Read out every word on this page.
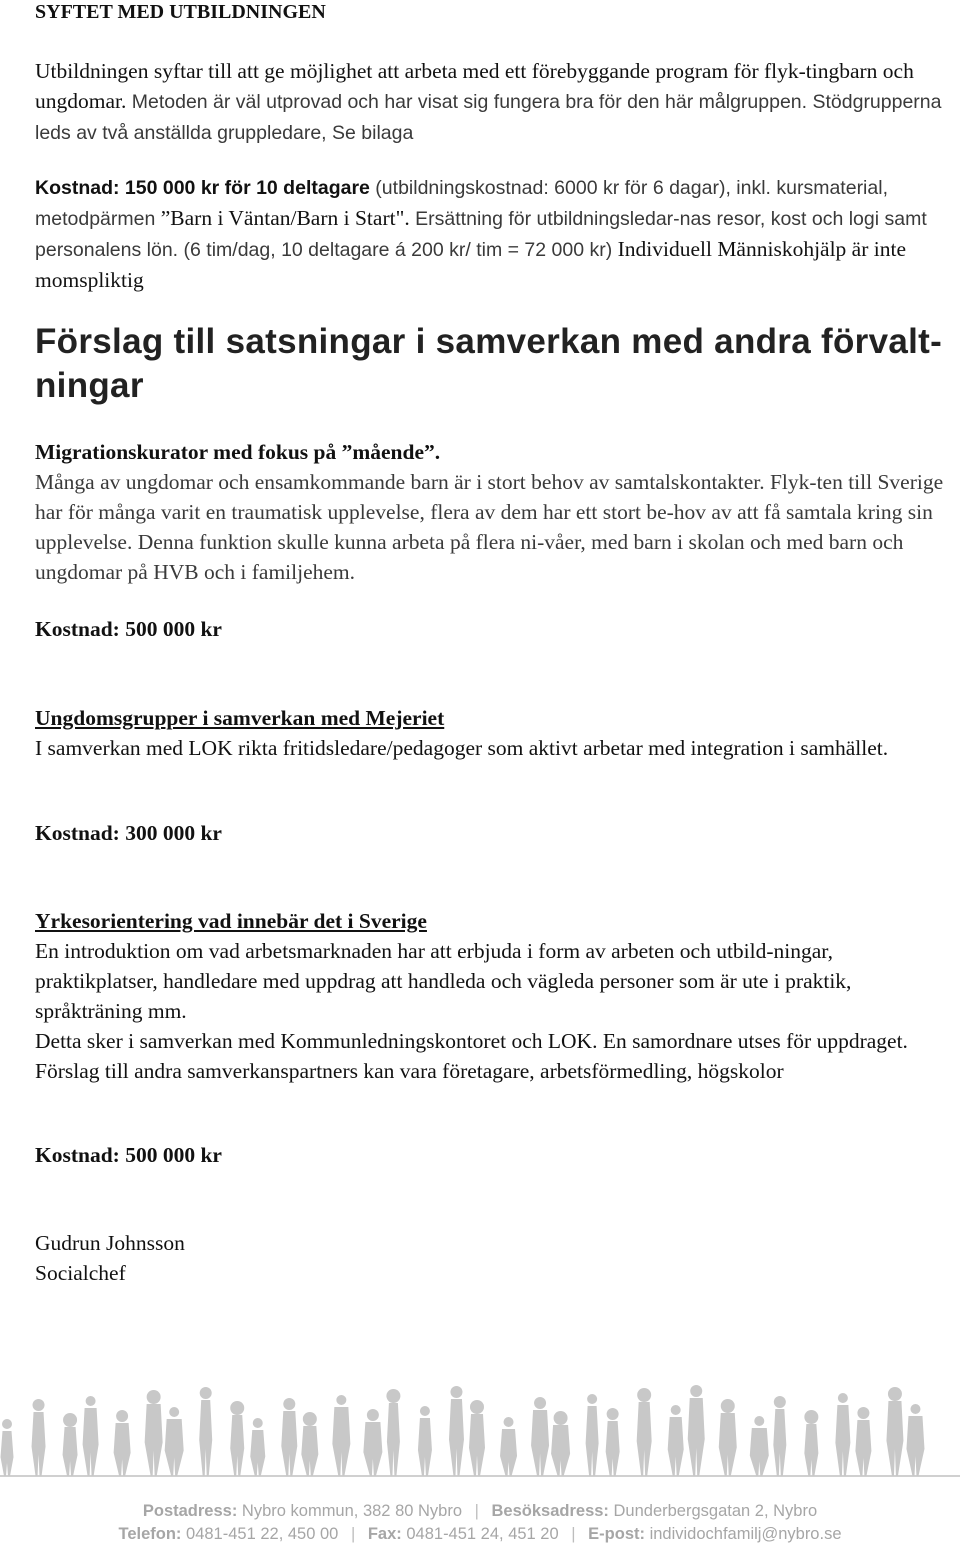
SYFTET MED UTBILDNINGEN
Utbildningen syftar till att ge möjlighet att arbeta med ett förebyggande program för flyk-tingbarn och ungdomar. Metoden är väl utprovad och har visat sig fungera bra för den här målgruppen. Stödgrupperna leds av två anställda gruppledare, Se bilaga
Kostnad: 150 000 kr för 10 deltagare (utbildningskostnad: 6000 kr för 6 dagar), inkl. kursmaterial, metodpärmen ”Barn i Väntan/Barn i Start". Ersättning för utbildningsledar-nas resor, kost och logi samt personalens lön. (6 tim/dag, 10 deltagare á 200 kr/ tim = 72 000 kr) Individuell Människohjälp är inte momspliktig
Förslag till satsningar i samverkan med andra förvalt-
ningar
Migrationskurator med fokus på ”mående”.
Många av ungdomar och ensamkommande barn är i stort behov av samtalskontakter. Flyk-ten till Sverige har för många varit en traumatisk upplevelse, flera av dem har ett stort be-hov av att få samtala kring sin upplevelse. Denna funktion skulle kunna arbeta på flera ni-våer, med barn i skolan och med barn och ungdomar på HVB och i familjehem.
Kostnad: 500 000 kr
Ungdomsgrupper i samverkan med Mejeriet
I samverkan med LOK rikta fritidsledare/pedagoger som aktivt arbetar med integration i samhället.
Kostnad: 300 000 kr
Yrkesorientering vad innebär det i Sverige
En introduktion om vad arbetsmarknaden har att erbjuda i form av arbeten och utbild-ningar, praktikplatser, handledare med uppdrag att handleda och vägleda personer som är ute i praktik, språkträning mm.
Detta sker i samverkan med Kommunledningskontoret och LOK. En samordnare utses för uppdraget. Förslag till andra samverkanspartners kan vara företagare, arbetsförmedling, högskolor
Kostnad: 500 000 kr
Gudrun Johnsson
Socialchef
Postadress: Nybro kommun, 382 80 Nybro | Besöksadress: Dunderbergsgatan 2, Nybro
Telefon: 0481-451 22, 450 00 | Fax: 0481-451 24, 451 20 | E-post: individochfamilj@nybro.se
